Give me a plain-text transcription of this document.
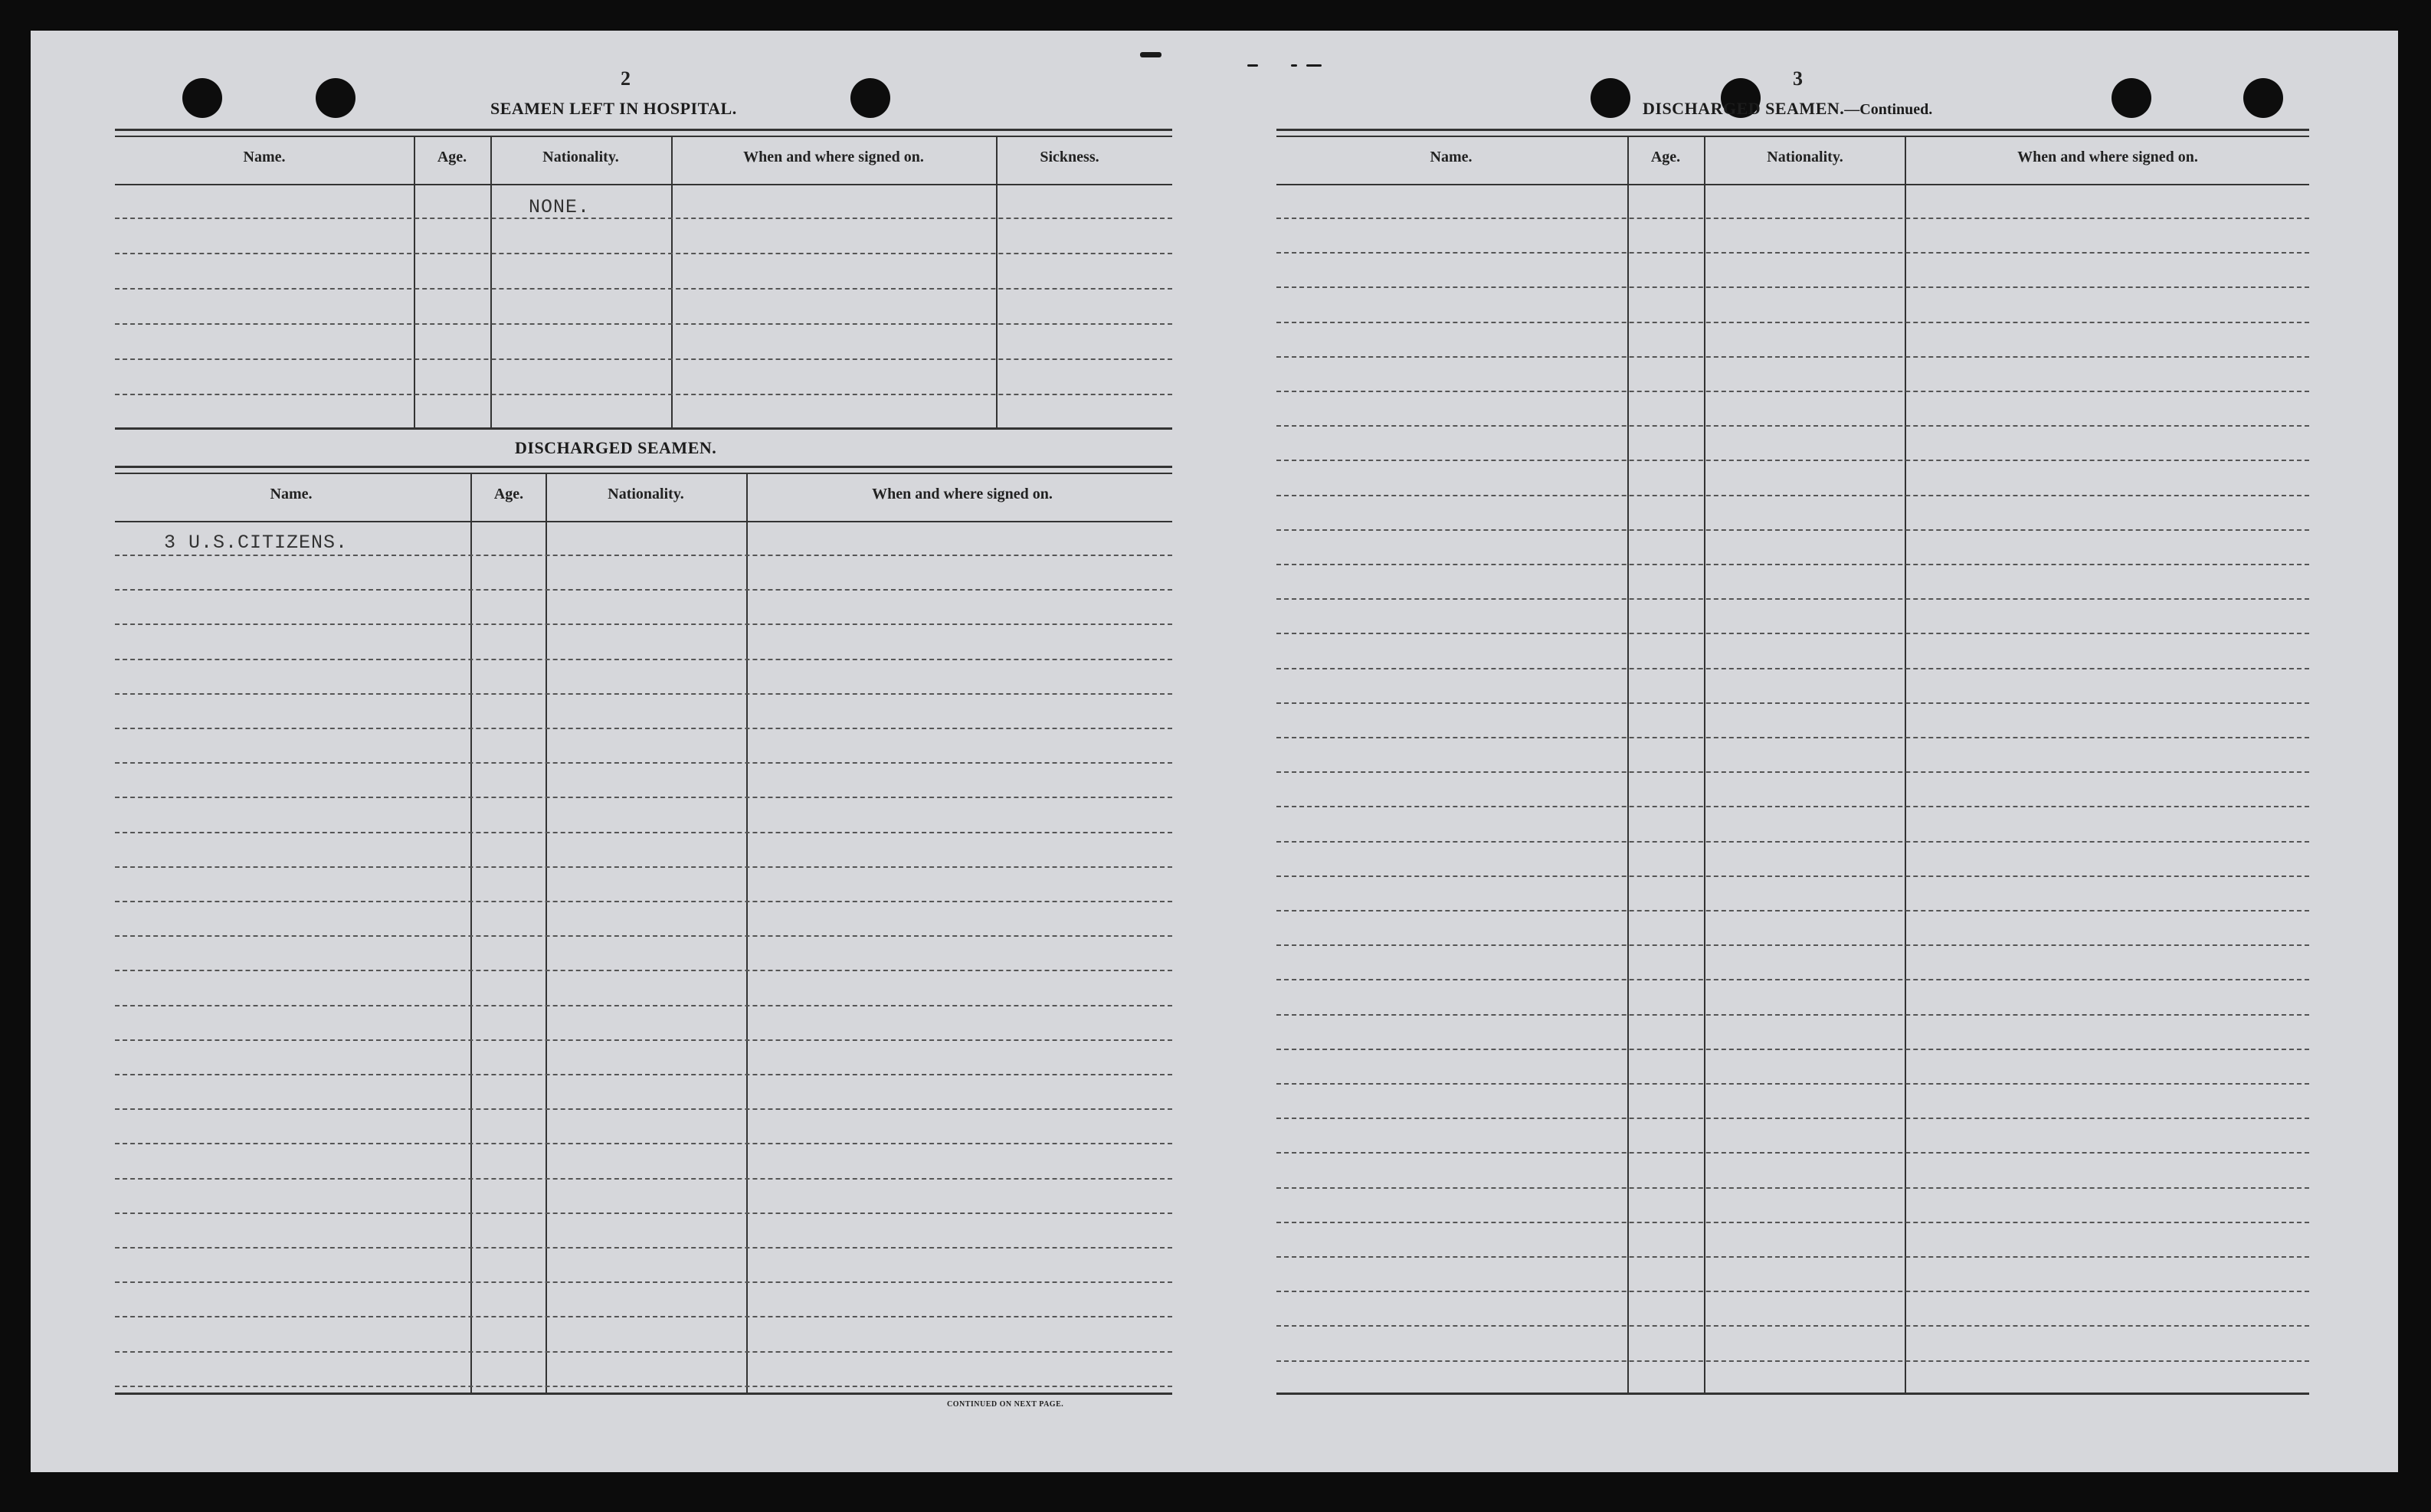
2
SEAMEN LEFT IN HOSPITAL.
Name.	Age.	Nationality.	When and where signed on.	Sickness.
NONE.
DISCHARGED SEAMEN.
Name.	Age.	Nationality.	When and where signed on.
3 U.S.CITIZENS.
CONTINUED ON NEXT PAGE.
3
DISCHARGED SEAMEN.—Continued.
Name.	Age.	Nationality.	When and where signed on.
